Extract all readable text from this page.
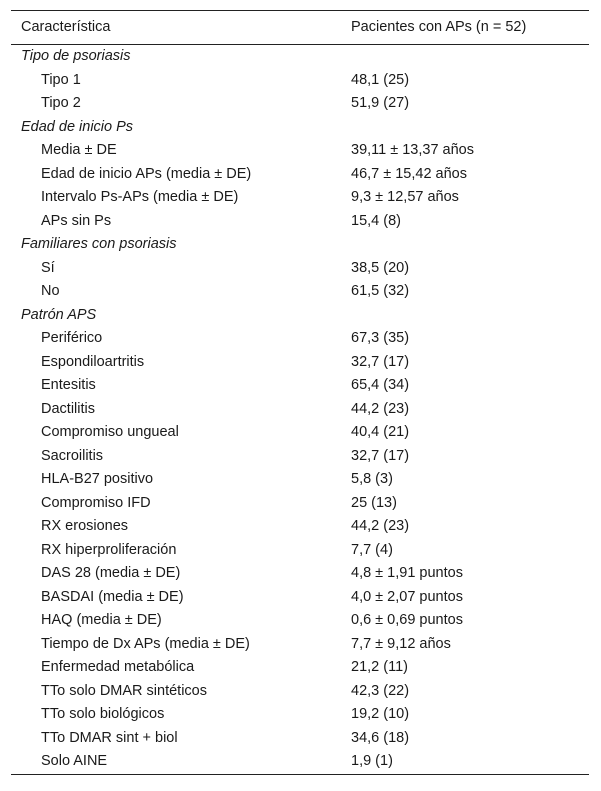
Característica	Pacientes con APs (n = 52)
Tipo de psoriasis
Tipo 1	48,1 (25)
Tipo 2	51,9 (27)
Edad de inicio Ps
Media ± DE	39,11 ± 13,37 años
Edad de inicio APs (media ± DE)	46,7 ± 15,42 años
Intervalo Ps-APs (media ± DE)	9,3 ± 12,57 años
APs sin Ps	15,4 (8)
Familiares con psoriasis
Sí	38,5 (20)
No	61,5 (32)
Patrón APS
Periférico	67,3 (35)
Espondiloartritis	32,7 (17)
Entesitis	65,4 (34)
Dactilitis	44,2 (23)
Compromiso ungueal	40,4 (21)
Sacroilitis	32,7 (17)
HLA-B27 positivo	5,8 (3)
Compromiso IFD	25 (13)
RX erosiones	44,2 (23)
RX hiperproliferación	7,7 (4)
DAS 28 (media ± DE)	4,8 ± 1,91 puntos
BASDAI (media ± DE)	4,0 ± 2,07 puntos
HAQ (media ± DE)	0,6 ± 0,69 puntos
Tiempo de Dx APs (media ± DE)	7,7 ± 9,12 años
Enfermedad metabólica	21,2 (11)
TTo solo DMAR sintéticos	42,3 (22)
TTo solo biológicos	19,2 (10)
TTo DMAR sint + biol	34,6 (18)
Solo AINE	1,9 (1)
